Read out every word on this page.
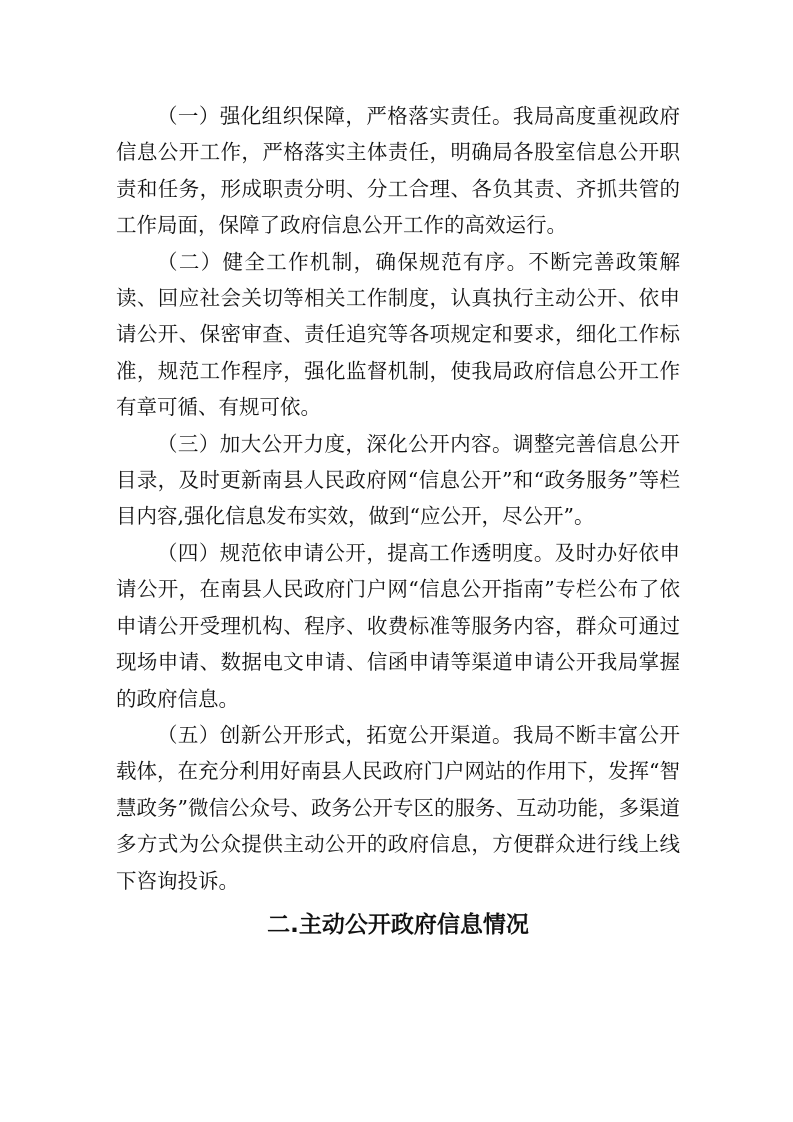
（一）强化组织保障，严格落实责任。我局高度重视政府信息公开工作，严格落实主体责任，明确局各股室信息公开职责和任务，形成职责分明、分工合理、各负其责、齐抓共管的工作局面，保障了政府信息公开工作的高效运行。

（二）健全工作机制，确保规范有序。不断完善政策解读、回应社会关切等相关工作制度，认真执行主动公开、依申请公开、保密审查、责任追究等各项规定和要求，细化工作标准，规范工作程序，强化监督机制，使我局政府信息公开工作有章可循、有规可依。

（三）加大公开力度，深化公开内容。调整完善信息公开目录，及时更新南县人民政府网“信息公开”和“政务服务”等栏目内容,强化信息发布实效，做到“应公开，尽公开”。

（四）规范依申请公开，提高工作透明度。及时办好依申请公开，在南县人民政府门户网“信息公开指南”专栏公布了依申请公开受理机构、程序、收费标准等服务内容，群众可通过现场申请、数据电文申请、信函申请等渠道申请公开我局掌握的政府信息。

（五）创新公开形式，拓宽公开渠道。我局不断丰富公开载体，在充分利用好南县人民政府门户网站的作用下，发挥“智慧政务”微信公众号、政务公开专区的服务、互动功能，多渠道多方式为公众提供主动公开的政府信息，方便群众进行线上线下咨询投诉。

二.主动公开政府信息情况
